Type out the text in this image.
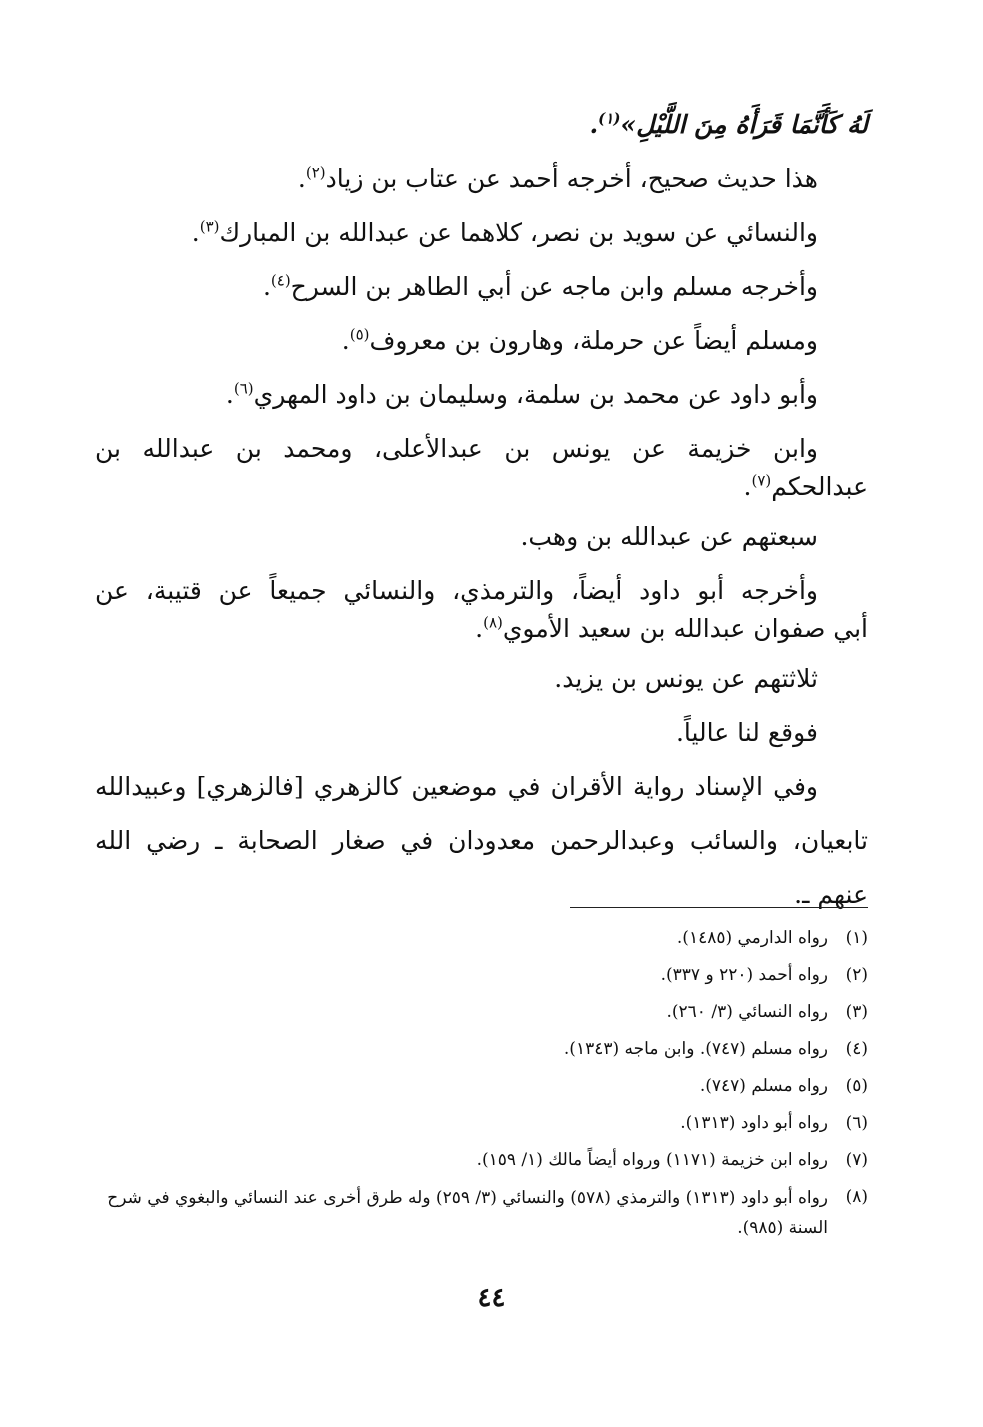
لَهُ كَأَنَّمَا قَرَأَهُ مِنَ اللَّيْلِ»$^{(١)}$.
هذا حديث صحيح، أخرجه أحمد عن عتاب بن زياد$^{(٢)}$.
والنسائي عن سويد بن نصر، كلاهما عن عبدالله بن المبارك$^{(٣)}$.
وأخرجه مسلم وابن ماجه عن أبي الطاهر بن السرح$^{(٤)}$.
ومسلم أيضاً عن حرملة، وهارون بن معروف$^{(٥)}$.
وأبو داود عن محمد بن سلمة، وسليمان بن داود المهري$^{(٦)}$.
وابن خزيمة عن يونس بن عبدالأعلى، ومحمد بن عبدالله بن
عبدالحكم$^{(٧)}$.
سبعتهم عن عبدالله بن وهب.
وأخرجه أبو داود أيضاً، والترمذي، والنسائي جميعاً عن قتيبة، عن
أبي صفوان عبدالله بن سعيد الأموي$^{(٨)}$.
ثلاثتهم عن يونس بن يزيد.
فوقع لنا عالياً.
وفي الإسناد رواية الأقران في موضعين كالزهري [فالزهري] وعبيدالله
تابعيان، والسائب وعبدالرحمن معدودان في صغار الصحابة ـ رضي الله
عنهم ـ.
(١)
رواه الدارمي (١٤٨٥).
(٢)
رواه أحمد (٢٢٠ و ٣٣٧).
(٣)
رواه النسائي (٣/ ٢٦٠).
(٤)
رواه مسلم (٧٤٧). وابن ماجه (١٣٤٣).
(٥)
رواه مسلم (٧٤٧).
(٦)
رواه أبو داود (١٣١٣).
(٧)
رواه ابن خزيمة (١١٧١) ورواه أيضاً مالك (١/ ١٥٩).
(٨)
رواه أبو داود (١٣١٣) والترمذي (٥٧٨) والنسائي (٣/ ٢٥٩) وله طرق أخرى عند النسائي والبغوي في شرح السنة (٩٨٥).
٤٤
